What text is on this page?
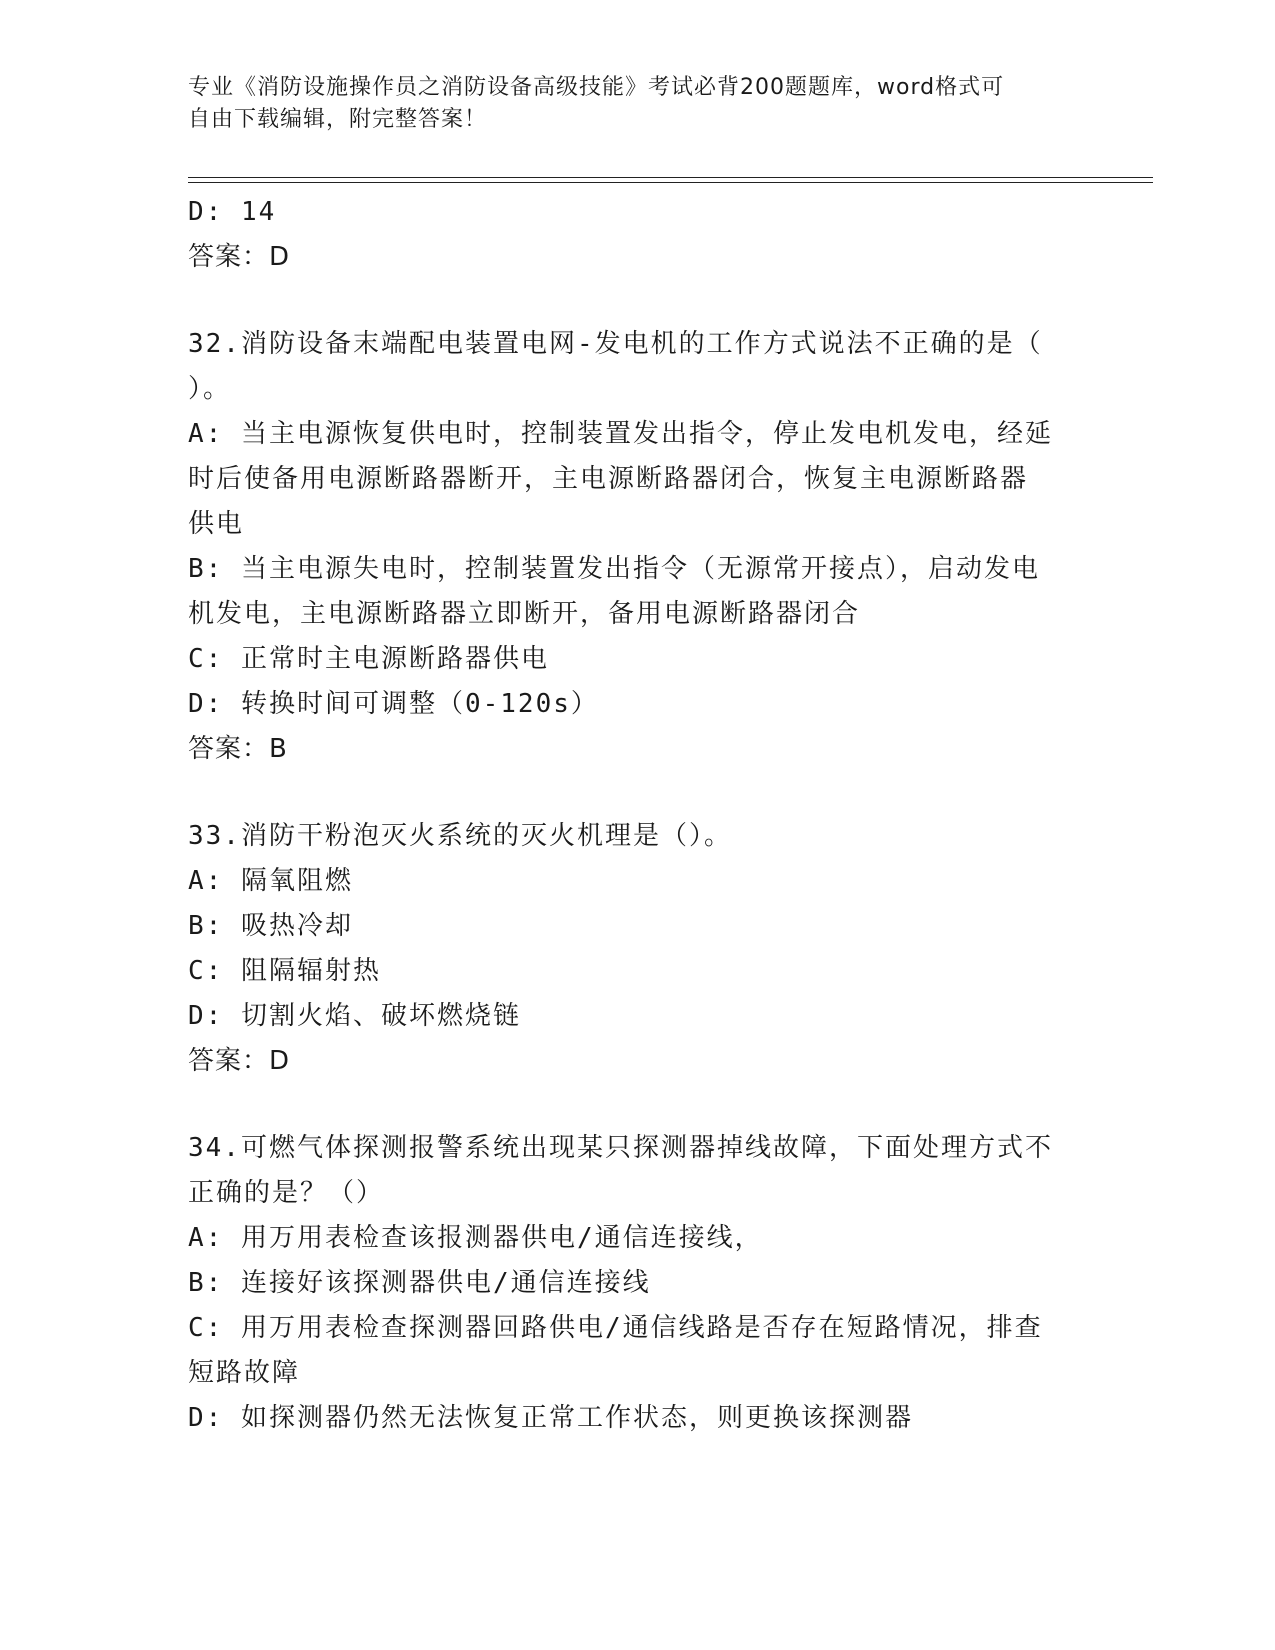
专业《消防设施操作员之消防设备高级技能》考试必背200题题库，word格式可
自由下载编辑，附完整答案！
D: 14
答案：D
32.消防设备末端配电装置电网-发电机的工作方式说法不正确的是（
）。
A: 当主电源恢复供电时，控制装置发出指令，停止发电机发电，经延
时后使备用电源断路器断开，主电源断路器闭合，恢复主电源断路器
供电
B: 当主电源失电时，控制装置发出指令（无源常开接点），启动发电
机发电，主电源断路器立即断开，备用电源断路器闭合
C: 正常时主电源断路器供电
D: 转换时间可调整（0-120s）
答案：B
33.消防干粉泡灭火系统的灭火机理是（）。
A: 隔氧阻燃
B: 吸热冷却
C: 阻隔辐射热
D: 切割火焰、破坏燃烧链
答案：D
34.可燃气体探测报警系统出现某只探测器掉线故障，下面处理方式不
正确的是？（）
A: 用万用表检查该报测器供电/通信连接线，
B: 连接好该探测器供电/通信连接线
C: 用万用表检查探测器回路供电/通信线路是否存在短路情况，排查
短路故障
D: 如探测器仍然无法恢复正常工作状态，则更换该探测器
